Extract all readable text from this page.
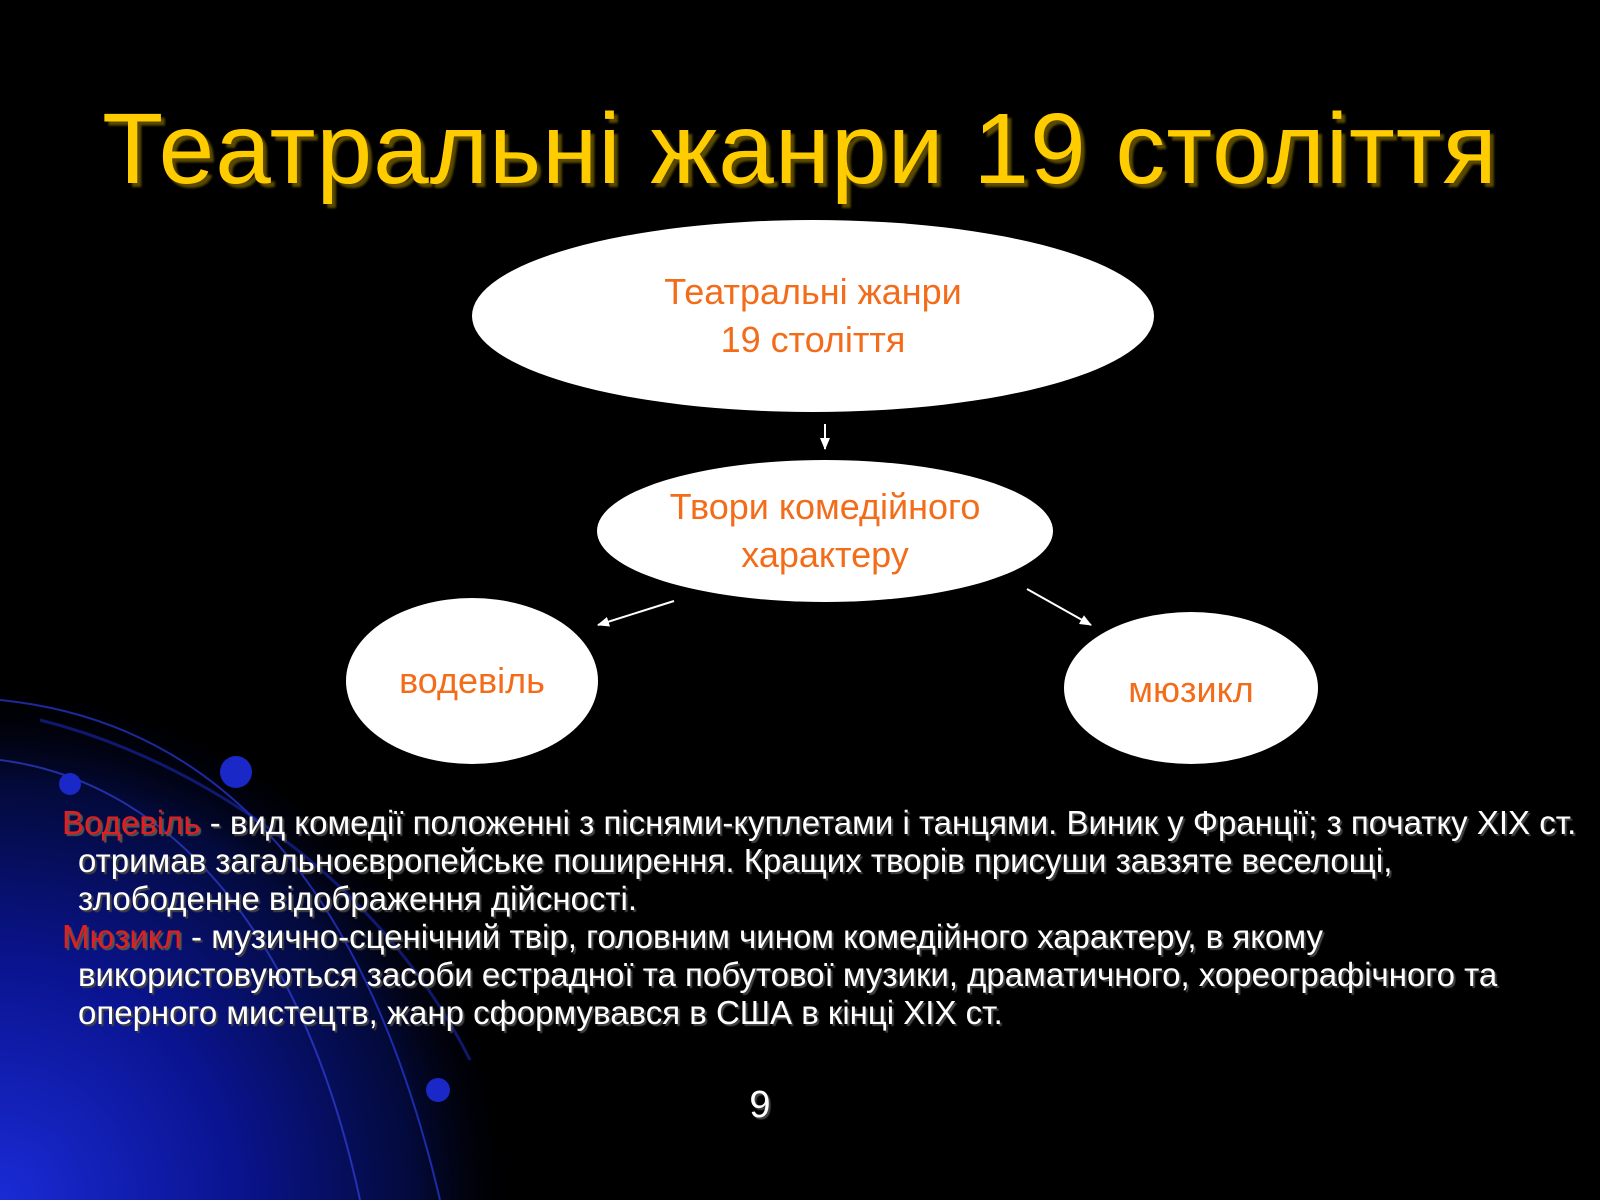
Театральні жанри 19 століття
Театральні жанри
19 століття
Твори комедійного
характеру
водевіль	мюзикл

Водевіль - вид комедії положенні з піснями-куплетами і танцями. Виник у Франції; з початку XIX ст. отримав загальноєвропейське поширення. Кращих творів присуши завзяте веселощі, злободенне відображення дійсності.

Мюзикл - музично-сценічний твір, головним чином комедійного характеру, в якому використовуються засоби естрадної та побутової музики, драматичного, хореографічного та оперного мистецтв, жанр сформувався в США в кінці XIX ст.

9
